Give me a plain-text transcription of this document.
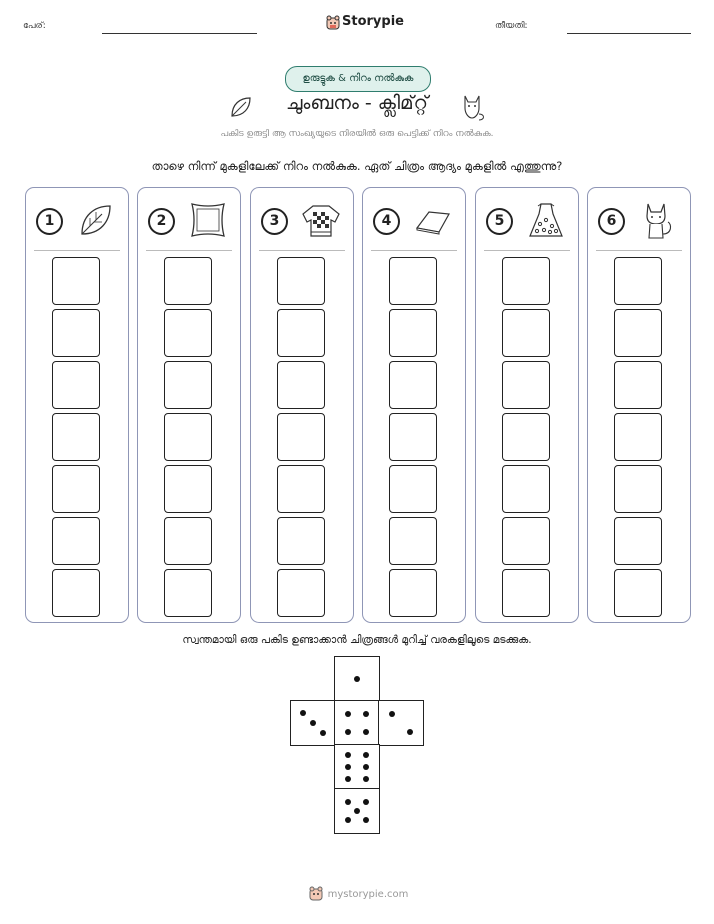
പേര്:	Storypie	തീയതി:
ഉരുട്ടുക & നിറം നൽകുക
ചുംബനം - ക്ലിമ്റ്റ്
പകിട ഉരുട്ടി ആ സംഖ്യയുടെ നിരയിൽ ഒരു പെട്ടിക്ക് നിറം നൽകുക.
താഴെ നിന്ന് മുകളിലേക്ക് നിറം നൽകുക. ഏത് ചിത്രം ആദ്യം മുകളിൽ എത്തുന്നു?
1	2	3	4	5	6
സ്വന്തമായി ഒരു പകിട ഉണ്ടാക്കാൻ ചിത്രങ്ങൾ മുറിച്ച് വരകളിലൂടെ മടക്കുക.
mystorypie.com
